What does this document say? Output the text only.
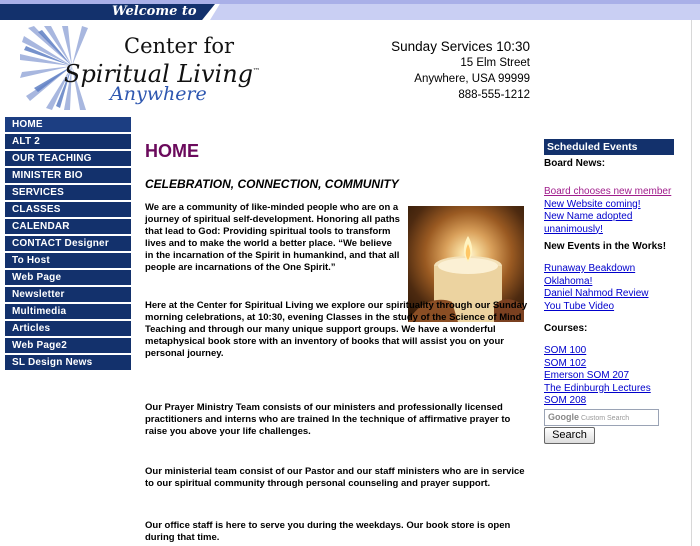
Welcome to
Center for
Spiritual Living™
Anywhere
Sunday Services 10:30
15 Elm Street
Anywhere, USA 99999
888-555-1212
HOME
ALT 2
OUR TEACHING
MINISTER BIO
SERVICES
CLASSES
CALENDAR
CONTACT Designer
To Host
Web Page
Newsletter
Multimedia
Articles
Web Page2
SL Design News
HOME
CELEBRATION, CONNECTION, COMMUNITY

We are a community of like-minded people who are on a journey of spiritual self-development. Honoring all paths that lead to God: Providing spiritual tools to transform lives and to make the world a better place. “We believe in the incarnation of the Spirit in humankind, and that all people are incarnations of the One Spirit.”

Here at the Center for Spiritual Living we explore our spirituality through our Sunday morning celebrations, at 10:30, evening Classes in the study of the Science of Mind Teaching and through our many unique support groups. We have a wonderful metaphysical book store with an inventory of books that will assist you on your personal journey.

Our Prayer Ministry Team consists of our ministers and professionally licensed practitioners and interns who are trained In the technique of affirmative prayer to raise you above your life challenges.

Our ministerial team consist of our Pastor and our staff ministers who are in service to our spiritual community through personal counseling and prayer support.

Our office staff is here to serve you during the weekdays. Our book store is open during that time.

Scheduled Events
Board News:
Board chooses new member
New Website coming!
New Name adopted unanimously!
New Events in the Works!
Runaway Beakdown
Oklahoma!
Daniel Nahmod Review
You Tube Video
Courses:
SOM 100
SOM 102
Emerson SOM 207
The Edinburgh Lectures
SOM 208
Google Custom Search
Search
